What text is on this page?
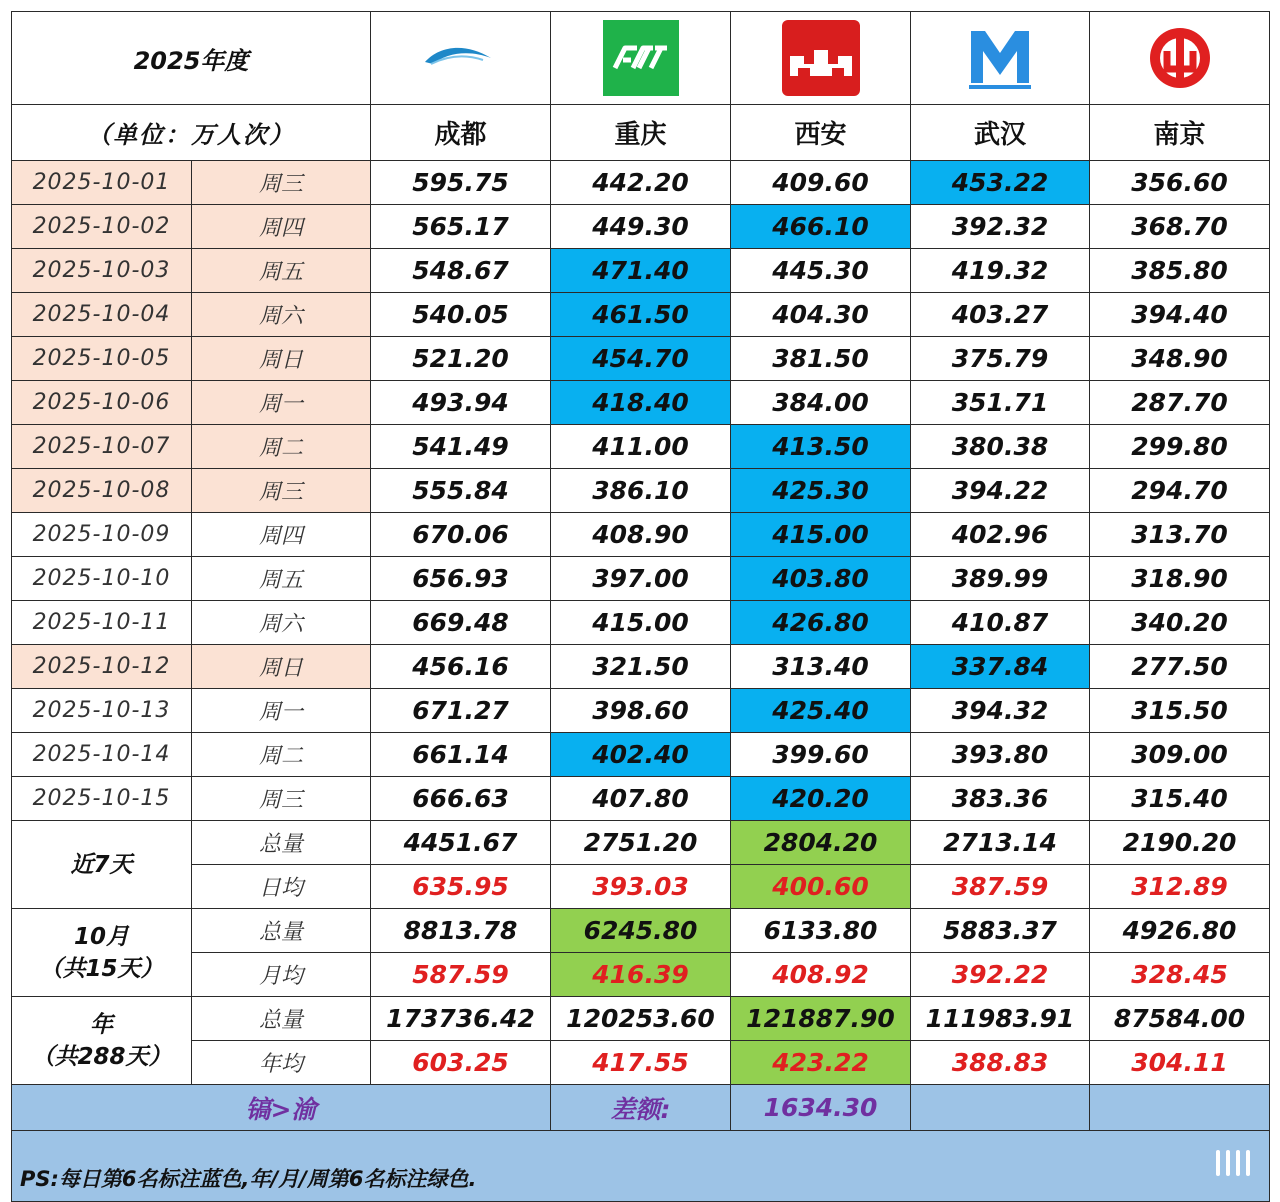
2025年度					
（单位：万人次）		成都	重庆	西安	武汉	南京
2025-10-01	周三	595.75	442.20	409.60	453.22	356.60
2025-10-02	周四	565.17	449.30	466.10	392.32	368.70
2025-10-03	周五	548.67	471.40	445.30	419.32	385.80
2025-10-04	周六	540.05	461.50	404.30	403.27	394.40
2025-10-05	周日	521.20	454.70	381.50	375.79	348.90
2025-10-06	周一	493.94	418.40	384.00	351.71	287.70
2025-10-07	周二	541.49	411.00	413.50	380.38	299.80
2025-10-08	周三	555.84	386.10	425.30	394.22	294.70
2025-10-09	周四	670.06	408.90	415.00	402.96	313.70
2025-10-10	周五	656.93	397.00	403.80	389.99	318.90
2025-10-11	周六	669.48	415.00	426.80	410.87	340.20
2025-10-12	周日	456.16	321.50	313.40	337.84	277.50
2025-10-13	周一	671.27	398.60	425.40	394.32	315.50
2025-10-14	周二	661.14	402.40	399.60	393.80	309.00
2025-10-15	周三	666.63	407.80	420.20	383.36	315.40

近7天	总量	4451.67	2751.20	2804.20	2713.14	2190.20
	日均	635.95	393.03	400.60	387.59	312.89

10月
（共15天）	总量	8813.78	6245.80	6133.80	5883.37	4926.80
	月均	587.59	416.39	408.92	392.22	328.45

年
（共288天）	总量	173736.42	120253.60	121887.90	111983.91	87584.00
	年均	603.25	417.55	423.22	388.83	304.11
镐>渝			差额:	1634.30		
PS:每日第6名标注蓝色,年/月/周第6名标注绿色.						
